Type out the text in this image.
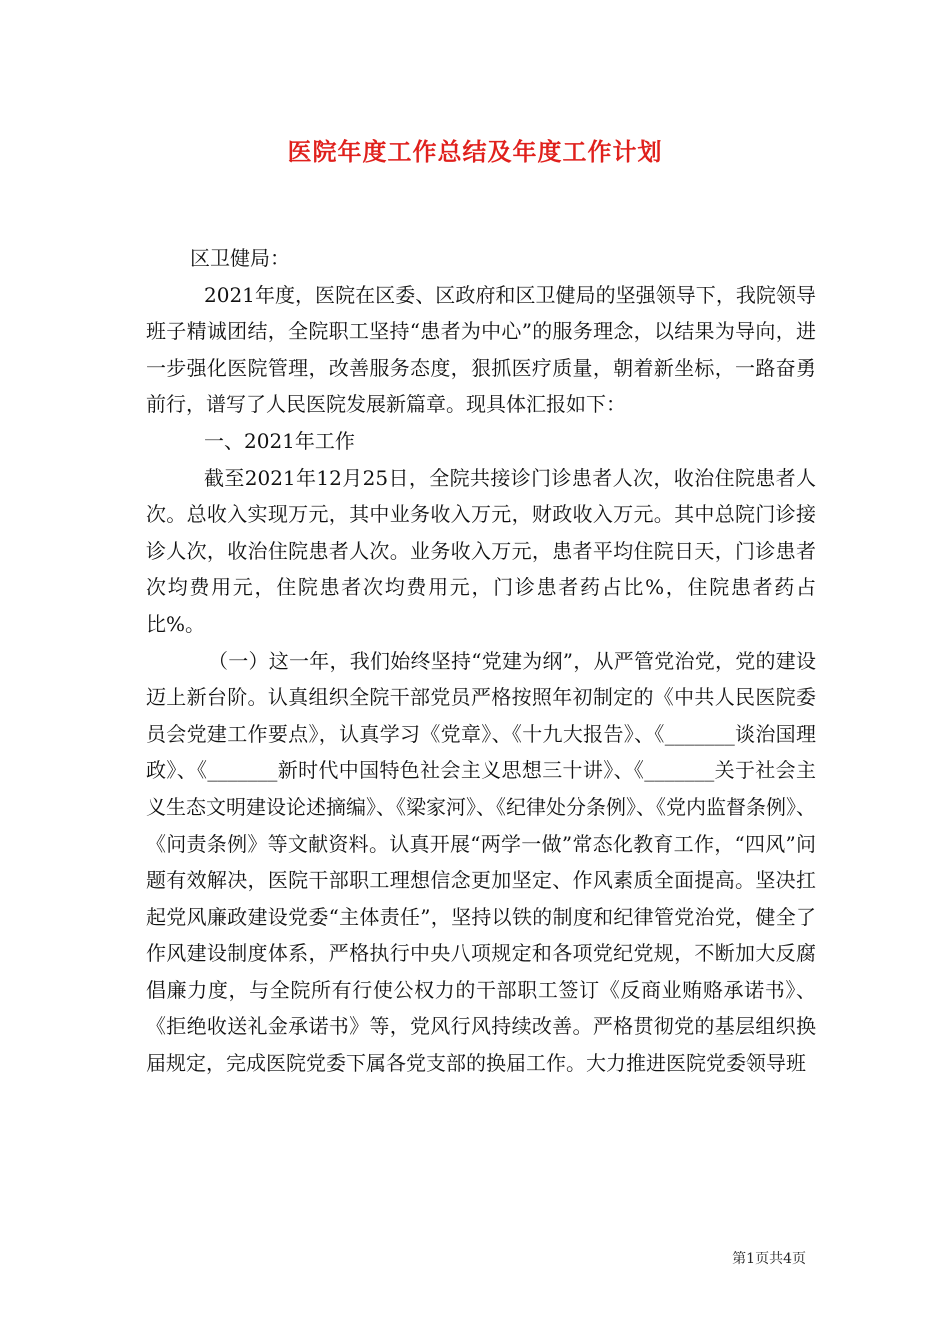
医院年度工作总结及年度工作计划

区卫健局：

2021年度，医院在区委、区政府和区卫健局的坚强领导下，我院领导班子精诚团结，全院职工坚持“患者为中心”的服务理念，以结果为导向，进一步强化医院管理，改善服务态度，狠抓医疗质量，朝着新坐标，一路奋勇前行，谱写了人民医院发展新篇章。现具体汇报如下：

一、2021年工作

截至2021年12月25日，全院共接诊门诊患者人次，收治住院患者人次。总收入实现万元，其中业务收入万元，财政收入万元。其中总院门诊接诊人次，收治住院患者人次。业务收入万元，患者平均住院日天，门诊患者次均费用元，住院患者次均费用元，门诊患者药占比%，住院患者药占比%。

（一）这一年，我们始终坚持“党建为纲”，从严管党治党，党的建设迈上新台阶。认真组织全院干部党员严格按照年初制定的《中共人民医院委员会党建工作要点》，认真学习《党章》、《十九大报告》、《_______谈治国理政》、《_______新时代中国特色社会主义思想三十讲》、《_______关于社会主义生态文明建设论述摘编》、《梁家河》、《纪律处分条例》、《党内监督条例》、《问责条例》等文献资料。认真开展“两学一做”常态化教育工作，“四风”问题有效解决，医院干部职工理想信念更加坚定、作风素质全面提高。坚决扛起党风廉政建设党委“主体责任”，坚持以铁的制度和纪律管党治党，健全了作风建设制度体系，严格执行中央八项规定和各项党纪党规，不断加大反腐倡廉力度，与全院所有行使公权力的干部职工签订《反商业贿赂承诺书》、《拒绝收送礼金承诺书》等，党风行风持续改善。严格贯彻党的基层组织换届规定，完成医院党委下属各党支部的换届工作。大力推进医院党委领导班

第1页共4页
